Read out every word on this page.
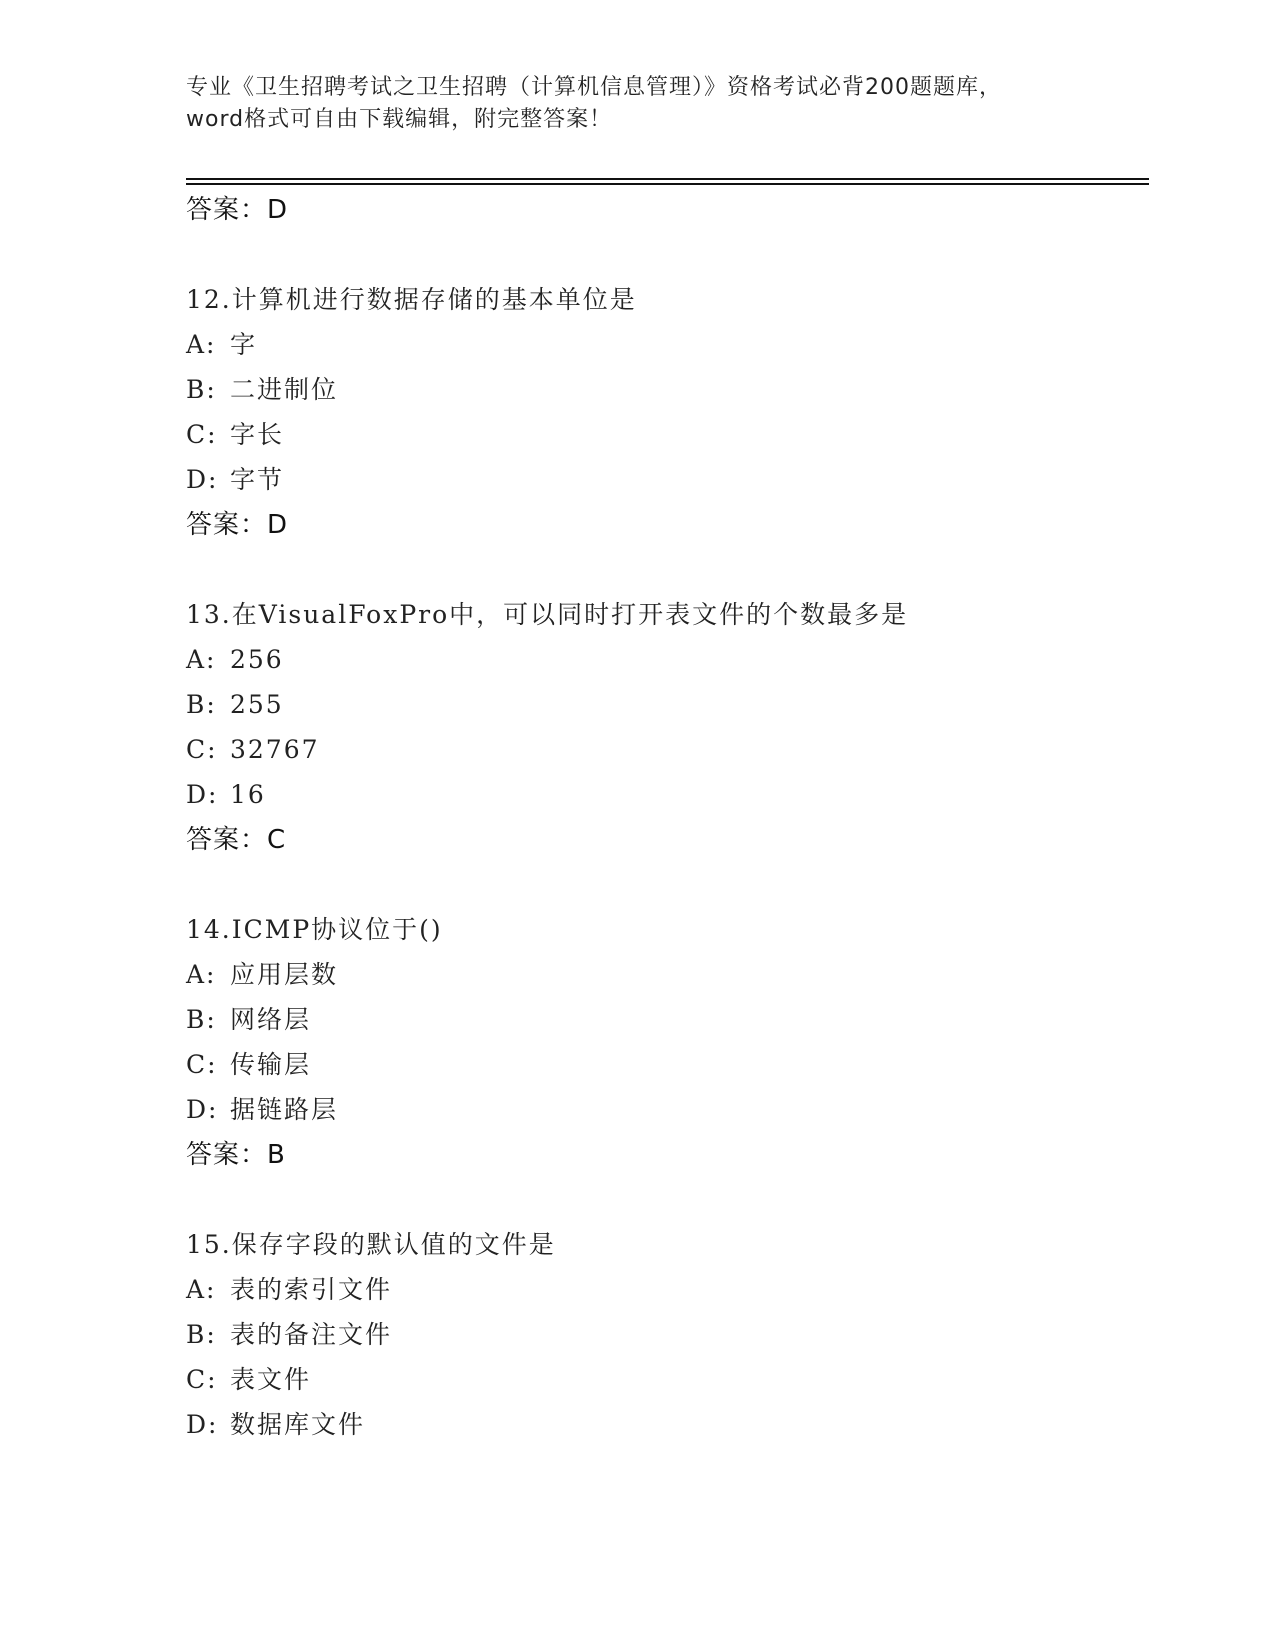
专业《卫生招聘考试之卫生招聘（计算机信息管理）》资格考试必背200题题库，
word格式可自由下载编辑，附完整答案！
答案：D
12.计算机进行数据存储的基本单位是
A: 字
B: 二进制位
C: 字长
D: 字节
答案：D
13.在VisualFoxPro中，可以同时打开表文件的个数最多是
A: 256
B: 255
C: 32767
D: 16
答案：C
14.ICMP协议位于()
A: 应用层数
B: 网络层
C: 传输层
D: 据链路层
答案：B
15.保存字段的默认值的文件是
A: 表的索引文件
B: 表的备注文件
C: 表文件
D: 数据库文件
